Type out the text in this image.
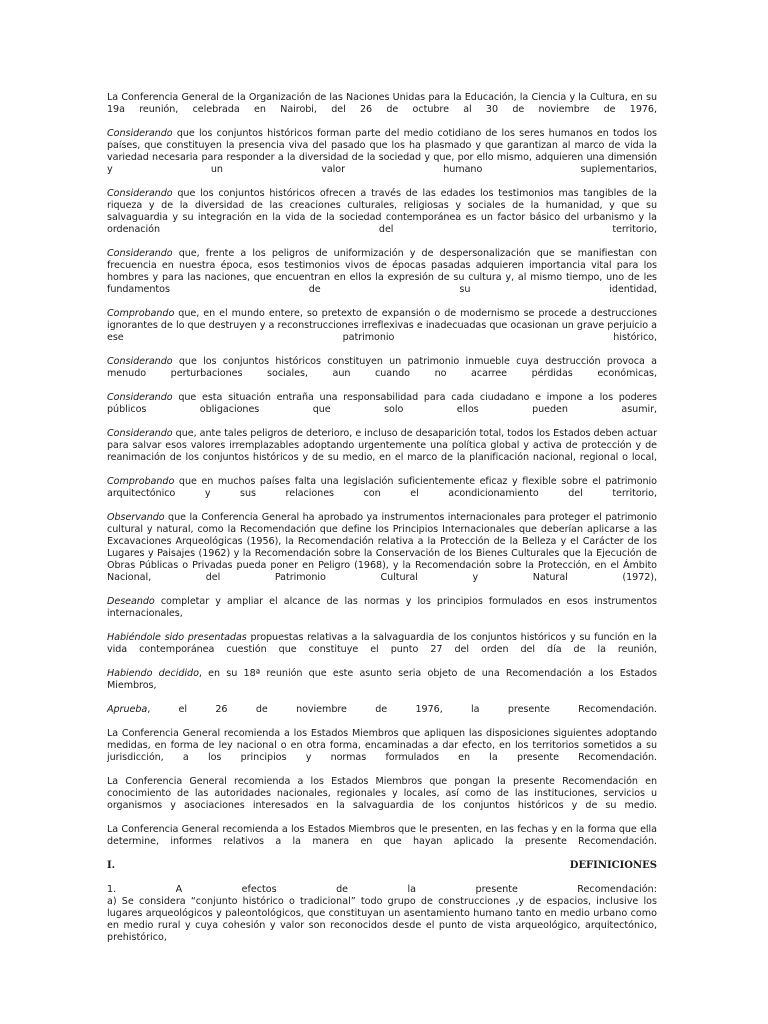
La Conferencia General de la Organización de las Naciones Unidas para la Educación, la Ciencia y la Cultura, en su 19a reunión, celebrada en Nairobi, del 26 de octubre al 30 de noviembre de 1976,

Considerando que los conjuntos históricos forman parte del medio cotidiano de los seres humanos en todos los países, que constituyen la presencia viva del pasado que los ha plasmado y que garantizan al marco de vida la variedad necesaria para responder a la diversidad de la sociedad y que, por ello mismo, adquieren una dimensión y un valor humano suplementarios,

Considerando que los conjuntos históricos ofrecen a través de las edades los testimonios mas tangibles de la riqueza y de la diversidad de las creaciones culturales, religiosas y sociales de la humanidad, y que su salvaguardia y su integración en la vida de la sociedad contemporánea es un factor básico del urbanismo y la ordenación del territorio,

Considerando que, frente a los peligros de uniformización y de despersonalización que se manifiestan con frecuencia en nuestra época, esos testimonios vivos de épocas pasadas adquieren importancia vital para los hombres y para las naciones, que encuentran en ellos la expresión de su cultura y, al mismo tiempo, uno de les fundamentos de su identidad,

Comprobando que, en el mundo entere, so pretexto de expansión o de modernismo se procede a destrucciones ignorantes de lo que destruyen y a reconstrucciones irreflexivas e inadecuadas que ocasionan un grave perjuicio a ese patrimonio histórico,

Considerando que los conjuntos históricos constituyen un patrimonio inmueble cuya destrucción provoca a menudo perturbaciones sociales, aun cuando no acarree pérdidas económicas,

Considerando que esta situación entraña una responsabilidad para cada ciudadano e impone a los poderes públicos obligaciones que solo ellos pueden asumir,

Considerando que, ante tales peligros de deterioro, e incluso de desaparición total, todos los Estados deben actuar para salvar esos valores irremplazables adoptando urgentemente una política global y activa de protección y de reanimación de los conjuntos históricos y de su medio, en el marco de la planificación nacional, regional o local,

Comprobando que en muchos países falta una legislación suficientemente eficaz y flexible sobre el patrimonio arquitectónico y sus relaciones con el acondicionamiento del territorio,

Observando que la Conferencia General ha aprobado ya instrumentos internacionales para proteger el patrimonio cultural y natural, como la Recomendación que define los Principios Internacionales que deberían aplicarse a las Excavaciones Arqueológicas (1956), la Recomendación relativa a la Protección de la Belleza y el Carácter de los Lugares y Paisajes (1962) y la Recomendación sobre la Conservación de los Bienes Culturales que la Ejecución de Obras Públicas o Privadas pueda poner en Peligro (1968), y la Recomendación sobre la Protección, en el Ámbito Nacional, del Patrimonio Cultural y Natural (1972),

Deseando completar y ampliar el alcance de las normas y los principios formulados en esos instrumentos internacionales,

Habiéndole sido presentadas propuestas relativas a la salvaguardia de los conjuntos históricos y su función en la vida contemporánea cuestión que constituye el punto 27 del orden del día de la reunión,

Habiendo decidido, en su 18ª reunión que este asunto seria objeto de una Recomendación a los Estados Miembros,

Aprueba, el 26 de noviembre de 1976, la presente Recomendación.

La Conferencia General recomienda a los Estados Miembros que apliquen las disposiciones siguientes adoptando medidas, en forma de ley nacional o en otra forma, encaminadas a dar efecto, en los territorios sometidos a su jurisdicción, a los principios y normas formulados en la presente Recomendación.

La Conferencia General recomienda a los Estados Miembros que pongan la presente Recomendación en conocimiento de las autoridades nacionales, regionales y locales, así como de las instituciones, servicios u organismos y asociaciones interesados en la salvaguardia de los conjuntos históricos y de su medio.

La Conferencia General recomienda a los Estados Miembros que le presenten, en las fechas y en la forma que ella determine, informes relativos a la manera en que hayan aplicado la presente Recomendación.

I.	DEFINICIONES
1.	A	efectos	de	la	presente	Recomendación:

a) Se considera “conjunto histórico o tradicional” todo grupo de construcciones ,y de espacios, inclusive los lugares arqueológicos y paleontológicos, que constituyan un asentamiento humano tanto en medio urbano como en medio rural y cuya cohesión y valor son reconocidos desde el punto de vista arqueológico, arquitectónico, prehistórico,
